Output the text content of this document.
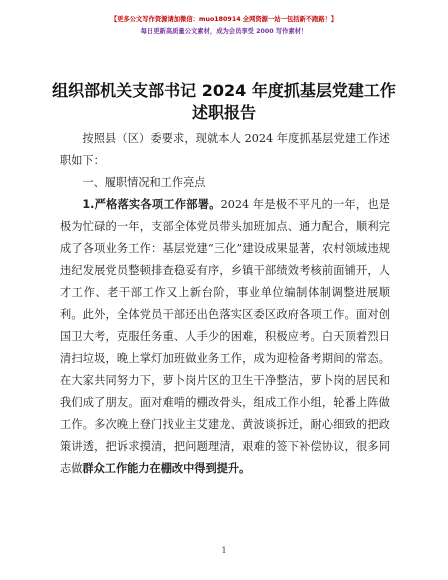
【更多公文写作资源请加微信：muo180914 全网资源一站一包括新不跑路！】
每日更新高质量公文素材，成为会员享受 2000 写作素材！
组织部机关支部书记 2024 年度抓基层党建工作
述职报告

按照县（区）委要求，现就本人 2024 年度抓基层党建工作述职如下：

一、履职情况和工作亮点

1.严格落实各项工作部署。2024 年是极不平凡的一年，也是极为忙碌的一年，支部全体党员带头加班加点、通力配合，顺利完成了各项业务工作：基层党建“三化”建设成果显著，农村领域违规违纪发展党员整顿排查稳妥有序，乡镇干部绩效考核前面铺开，人才工作、老干部工作又上新台阶，事业单位编制体制调整进展顺利。此外，全体党员干部还出色落实区委区政府各项工作。面对创国卫大考，克服任务重、人手少的困难，积极应考。白天顶着烈日清扫垃圾，晚上掌灯加班做业务工作，成为迎检备考期间的常态。在大家共同努力下，萝卜岗片区的卫生干净整洁，萝卜岗的居民和我们成了朋友。面对难啃的棚改骨头，组成工作小组，轮番上阵做工作。多次晚上登门找业主艾建龙、黄波谈拆迁，耐心细致的把政策讲透，把诉求摸清，把问题理清，艰难的签下补偿协议，很多同志做群众工作能力在棚改中得到提升。

1
